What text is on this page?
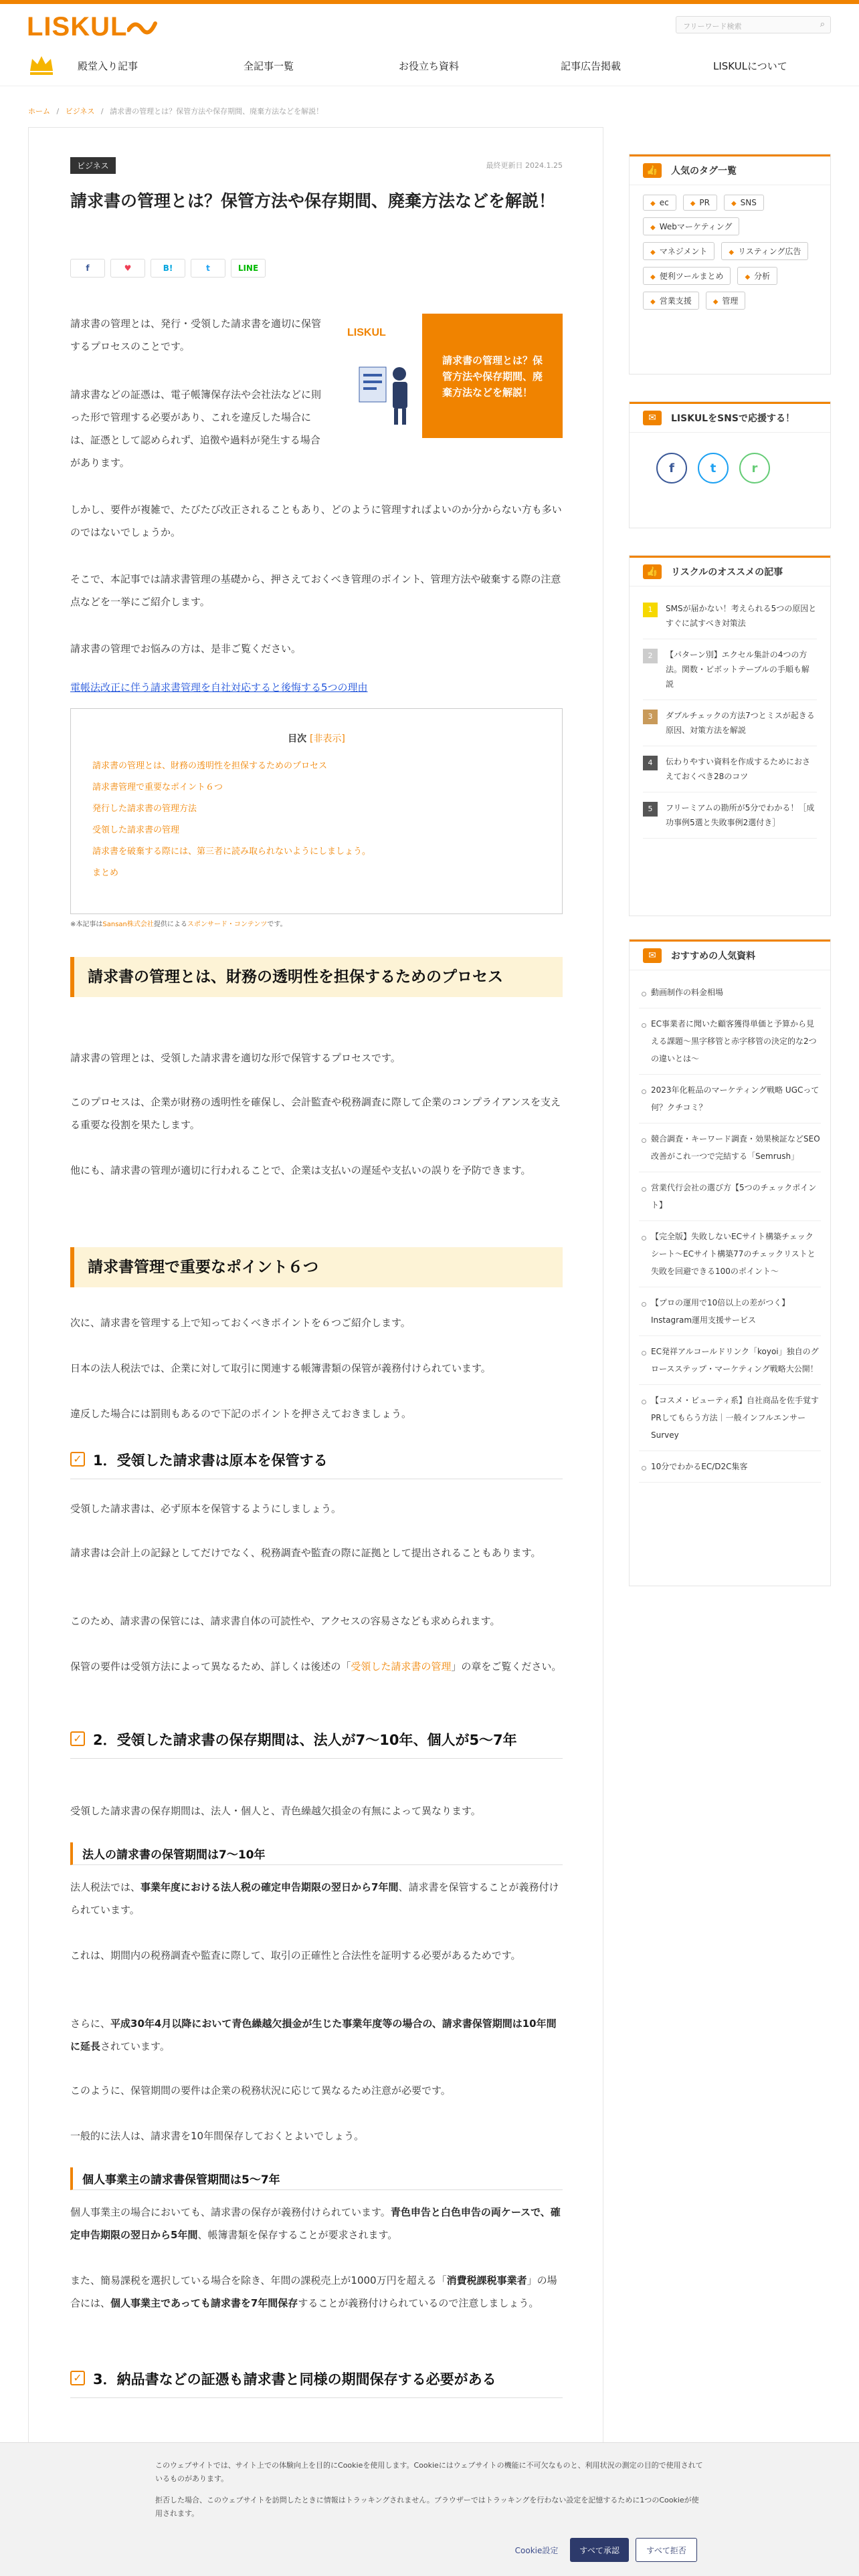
LISKUL	フリーワード検索	⌕
殿堂入り記事	全記事一覧	お役立ち資料	記事広告掲載	LISKULについて
ホーム / ビジネス / 請求書の管理とは？保管方法や保存期間、廃棄方法などを解説！
ビジネス	最終更新日 2024.1.25
請求書の管理とは？保管方法や保存期間、廃棄方法などを解説！
f	♥	B!	t	LINE
LISKUL
請求書の管理とは？保管方法や保存期間、廃棄方法などを解説！

請求書の管理とは、発行・受領した請求書を適切に保管するプロセスのことです。

請求書などの証憑は、電子帳簿保存法や会社法などに則った形で管理する必要があり、これを違反した場合には、証憑として認められず、追徴や過料が発生する場合があります。

しかし、要件が複雑で、たびたび改正されることもあり、どのように管理すればよいのか分からない方も多いのではないでしょうか。

そこで、本記事では請求書管理の基礎から、押さえておくべき管理のポイント、管理方法や破棄する際の注意点などを一挙にご紹介します。

請求書の管理でお悩みの方は、是非ご覧ください。

電帳法改正に伴う請求書管理を自社対応すると後悔する5つの理由
目次 [非表示]
請求書の管理とは、財務の透明性を担保するためのプロセス
請求書管理で重要なポイント６つ
発行した請求書の管理方法
受領した請求書の管理
請求書を破棄する際には、第三者に読み取られないようにしましょう。
まとめ

※本記事はSansan株式会社提供によるスポンサード・コンテンツです。

請求書の管理とは、財務の透明性を担保するためのプロセス

請求書の管理とは、受領した請求書を適切な形で保管するプロセスです。

このプロセスは、企業が財務の透明性を確保し、会計監査や税務調査に際して企業のコンプライアンスを支える重要な役割を果たします。

他にも、請求書の管理が適切に行われることで、企業は支払いの遅延や支払いの誤りを予防できます。

請求書管理で重要なポイント６つ

次に、請求書を管理する上で知っておくべきポイントを６つご紹介します。

日本の法人税法では、企業に対して取引に関連する帳簿書類の保管が義務付けられています。

違反した場合には罰則もあるので下記のポイントを押さえておきましょう。

✓ 1．受領した請求書は原本を保管する

受領した請求書は、必ず原本を保管するようにしましょう。

請求書は会計上の記録としてだけでなく、税務調査や監査の際に証拠として提出されることもあります。

このため、請求書の保管には、請求書自体の可読性や、アクセスの容易さなども求められます。

保管の要件は受領方法によって異なるため、詳しくは後述の「受領した請求書の管理」の章をご覧ください。

✓ 2．受領した請求書の保存期間は、法人が7〜10年、個人が5〜7年

受領した請求書の保存期間は、法人・個人と、青色繰越欠損金の有無によって異なります。

法人の請求書の保管期間は7〜10年

法人税法では、事業年度における法人税の確定申告期限の翌日から7年間、請求書を保管することが義務付けられています。

これは、期間内の税務調査や監査に際して、取引の正確性と合法性を証明する必要があるためです。

さらに、平成30年4月以降において青色繰越欠損金が生じた事業年度等の場合の、請求書保管期間は10年間に延長されています。

このように、保管期間の要件は企業の税務状況に応じて異なるため注意が必要です。

一般的に法人は、請求書を10年間保存しておくとよいでしょう。

個人事業主の請求書保管期間は5〜7年

個人事業主の場合においても、請求書の保存が義務付けられています。青色申告と白色申告の両ケースで、確定申告期限の翌日から5年間、帳簿書類を保存することが要求されます。

また、簡易課税を選択している場合を除き、年間の課税売上が1000万円を超える「消費税課税事業者」の場合には、個人事業主であっても請求書を7年間保存することが義務付けられているので注意しましょう。

✓ 3．納品書などの証憑も請求書と同様の期間保存する必要がある
👍	人気のタグ一覧
◆ ec	◆ PR	◆ SNS
◆ Webマーケティング
◆ マネジメント	◆ リスティング広告
◆ 便利ツールまとめ	◆ 分析
◆ 営業支援	◆ 管理
✉	LISKULをSNSで応援する！
f	t	r
👍	リスクルのオススメの記事
1	SMSが届かない！考えられる5つの原因とすぐに試すべき対策法
2	【パターン別】エクセル集計の4つの方法。関数・ピボットテーブルの手順も解説
3	ダブルチェックの方法7つとミスが起きる原因、対策方法を解説
4	伝わりやすい資料を作成するためにおさえておくべき28のコツ
5	フリーミアムの勘所が5分でわかる！［成功事例5選と失敗事例2選付き］
✉	おすすめの人気資料
動画制作の料金相場
EC事業者に聞いた顧客獲得単価と予算から見える課題〜黒字移管と赤字移管の決定的な2つの違いとは〜
2023年化粧品のマーケティング戦略 UGCって何？クチコミ？
競合調査・キーワード調査・効果検証などSEO改善がこれ一つで完結する「Semrush」
営業代行会社の選び方【5つのチェックポイント】
【完全版】失敗しないECサイト構築チェックシート〜ECサイト構築77のチェックリストと失敗を回避できる100のポイント〜
【プロの運用で10倍以上の差がつく】Instagram運用支援サービス
EC発祥アルコールドリンク「koyoi」独自のグロースステップ・マーケティング戦略大公開！
【コスメ・ビューティ系】自社商品を佐手覚すPRしてもらう方法｜一般インフルエンサーSurvey
10分でわかるEC/D2C集客

このウェブサイトでは、サイト上での体験向上を目的にCookieを使用します。Cookieにはウェブサイトの機能に不可欠なものと、利用状況の測定の目的で使用されているものがあります。

拒否した場合、このウェブサイトを訪問したときに情報はトラッキングされません。ブラウザーではトラッキングを行わない設定を記憶するために1つのCookieが使用されます。

Cookie設定	すべて承認	すべて拒否
